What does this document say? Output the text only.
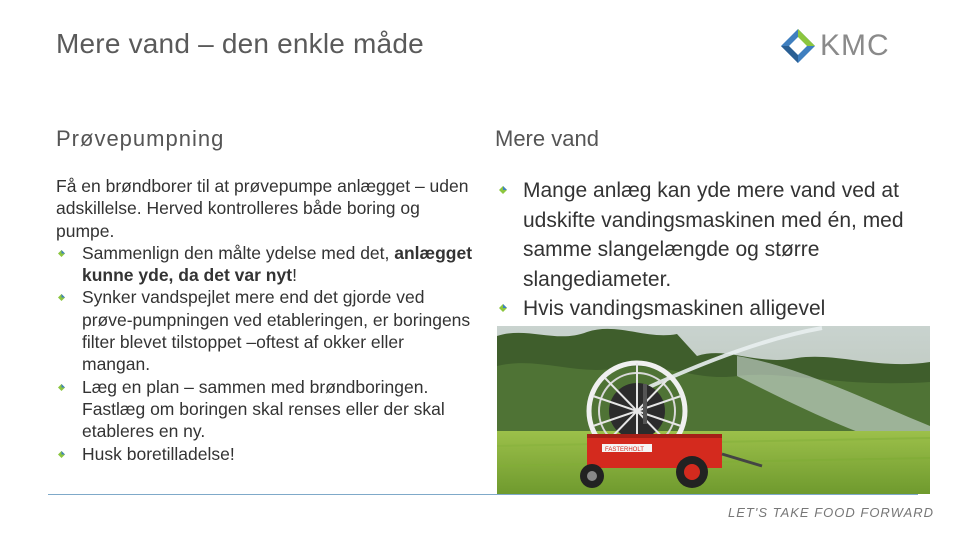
Mere vand – den enkle måde	KMC
Prøvepumpning	Mere vand

Få en brøndborer til at prøvepumpe anlægget – uden adskillelse. Herved kontrolleres både boring og pumpe.

Sammenlign den målte ydelse med det, anlægget kunne yde, da det var nyt!
Synker vandspejlet mere end det gjorde ved prøve-pumpningen ved etableringen, er boringens filter blevet tilstoppet –oftest af okker eller mangan.
Læg en plan – sammen med brøndboringen. Fastlæg om boringen skal renses eller der skal etableres en ny.
Husk boretilladelse!
Mange anlæg kan yde mere vand ved at udskifte vandingsmaskinen med én, med samme slangelængde og større slangediameter.
Hvis vandingsmaskinen alligevel
FASTERHOLT
LET'S TAKE FOOD FORWARD
